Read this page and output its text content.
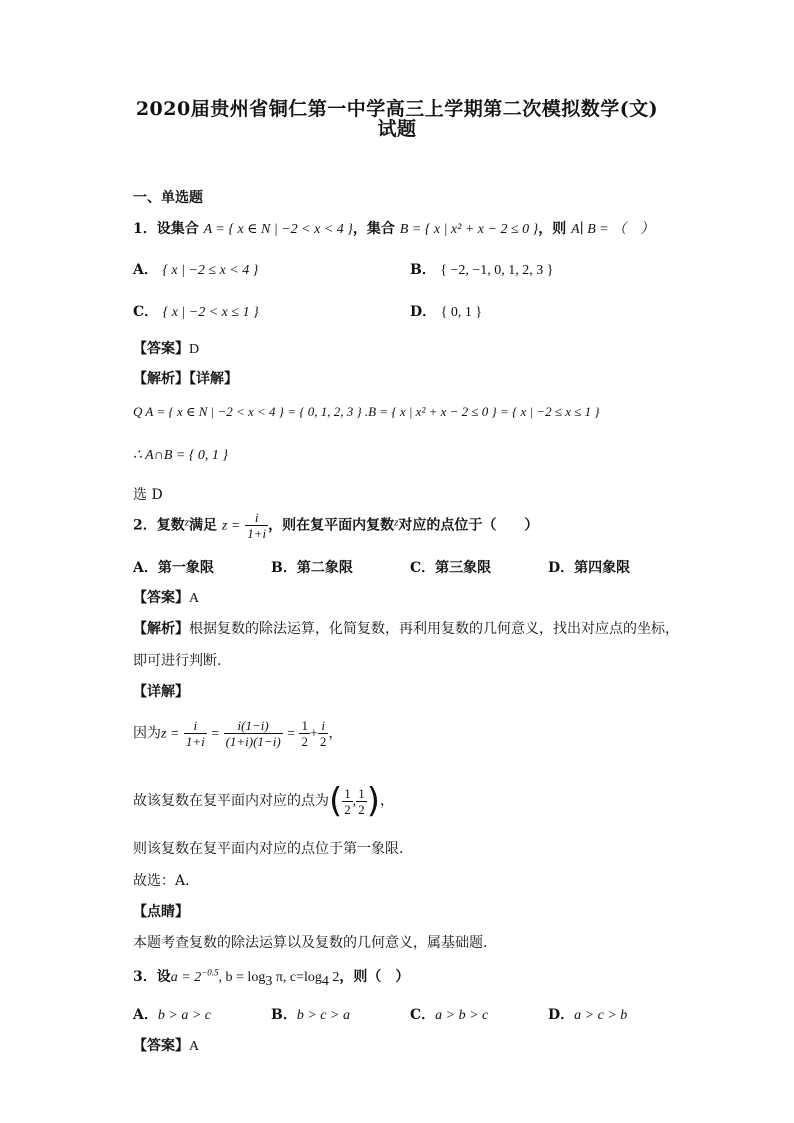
2020届贵州省铜仁第一中学高三上学期第二次模拟数学(文)
试题
一、单选题
1．设集合 A = { x ∈ N | −2 < x < 4 }，集合 B = { x | x² + x − 2 ≤ 0 }，则 A∣ B = （　）
A． { x | −2 ≤ x < 4 }	B． { −2, −1, 0, 1, 2, 3 }
C． { x | −2 < x ≤ 1 }	D． { 0, 1 }
【答案】D
【解析】【详解】
Q A = { x ∈ N | −2 < x < 4 } = { 0, 1, 2, 3 } .B = { x | x² + x − 2 ≤ 0 } = { x | −2 ≤ x ≤ 1 }
∴ A∩B = { 0, 1 }
选 D
2．复数$^z$满足 $z = \frac{i}{1+i}$ ，则在复平面内复数$^z$对应的点位于（　　）
A．第一象限	B．第二象限	C．第三象限	D．第四象限
【答案】A
【解析】根据复数的除法运算，化简复数，再利用复数的几何意义，找出对应点的坐标，
即可进行判断.
【详解】
因为$z = \frac{i}{1+i} = \frac{i(1-i)}{(1+i)(1-i)} = \frac{1}{2} + \frac{i}{2}$ ，
故该复数在复平面内对应的点为( $\frac{1}{2}$ , $\frac{1}{2}$ )，
则该复数在复平面内对应的点位于第一象限.
故选：A.
【点睛】
本题考查复数的除法运算以及复数的几何意义，属基础题.
3．设$a = 2^{-0.5}$, $b = \log_3 \pi$, $c=\log_4$ 2，则（　）
A．b > a > c	B．b > c > a	C．a > b > c	D．a > c > b
【答案】A
